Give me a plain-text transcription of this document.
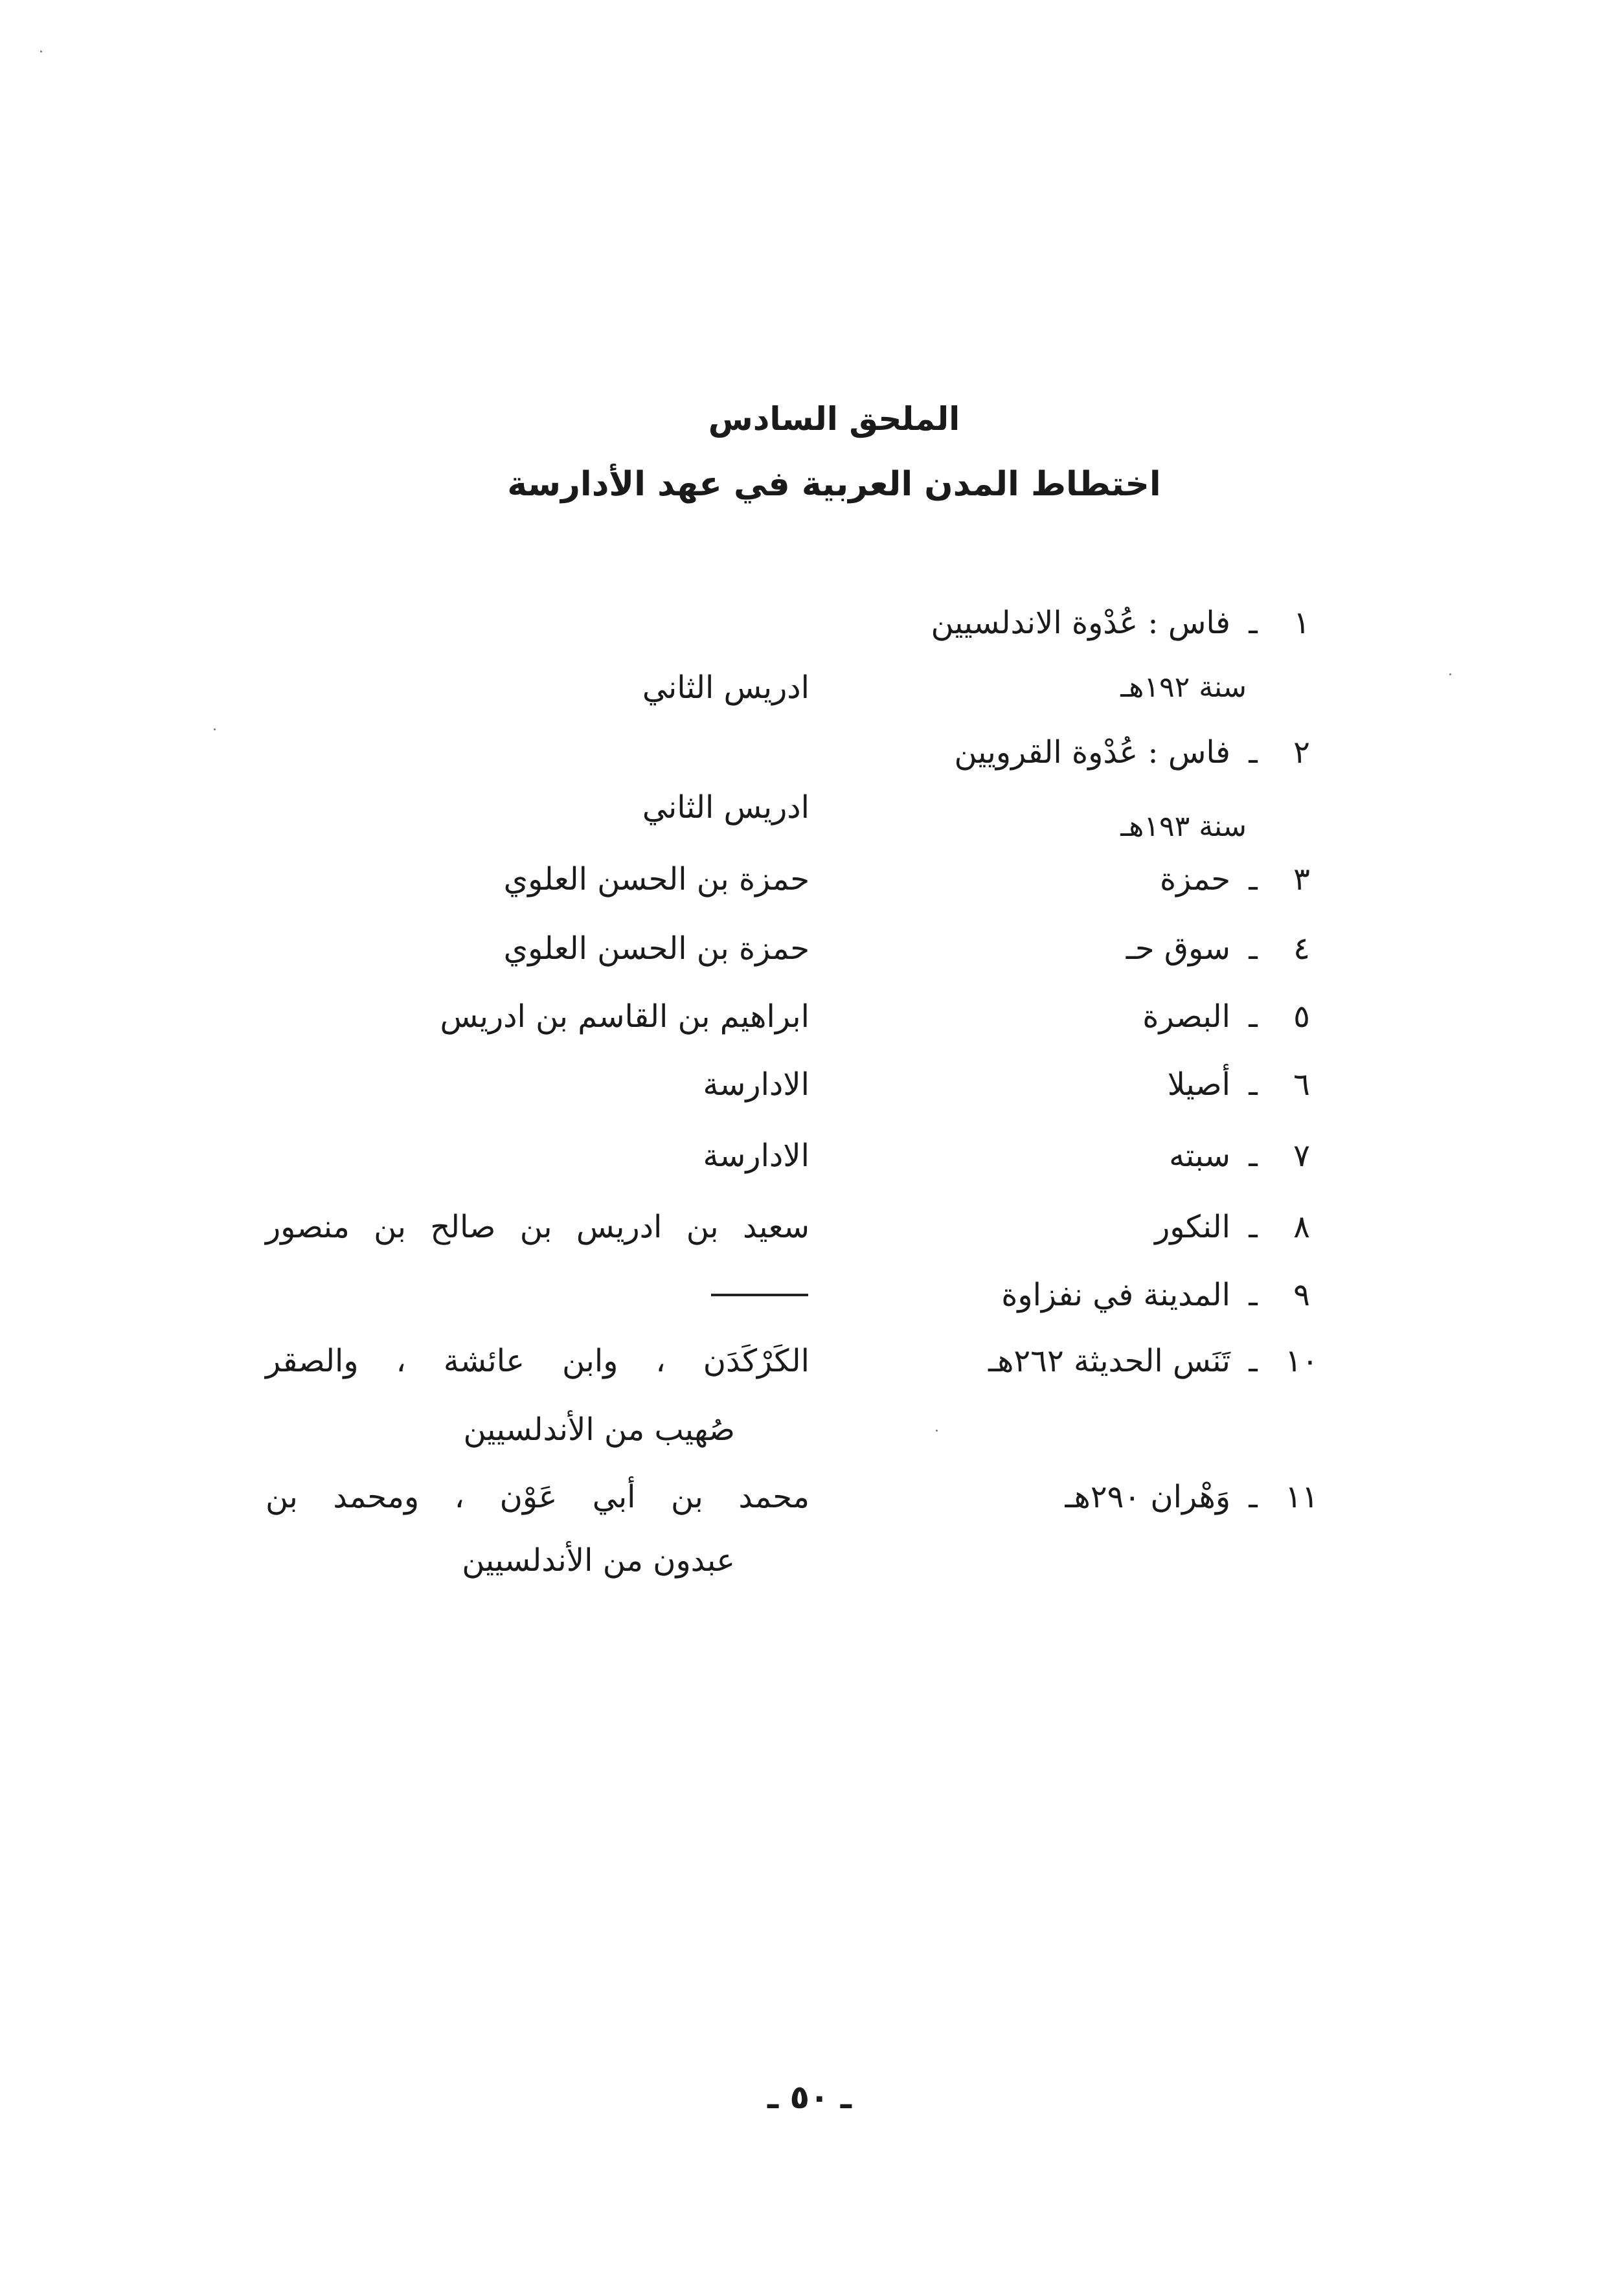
الملحق السادس
اختطاط المدن العربية في عهد الأدارسة
١
ـ
فاس : عُدْوة الاندلسيين
سنة ١٩٢هـ
ادريس الثاني
٢
ـ
فاس : عُدْوة القرويين
ادريس الثاني
سنة ١٩٣هـ
٣
ـ
حمزة
حمزة بن الحسن العلوي
٤
ـ
سوق حـ
حمزة بن الحسن العلوي
٥
ـ
البصرة
ابراهيم بن القاسم بن ادريس
٦
ـ
أصيلا
الادارسة
٧
ـ
سبته
الادارسة
٨
ـ
النكور
سعيد بن ادريس بن صالح بن منصور
٩
ـ
المدينة في نفزاوة
١٠
ـ
تَنَس الحديثة ٢٦٢هـ
الكَرْكَدَن ، وابن عائشة ، والصقر
صُهيب من الأندلسيين
١١
ـ
وَهْران ٢٩٠هـ
محمد بن أبي عَوْن ، ومحمد بن
عبدون من الأندلسيين
ـ ٥٠ ـ
